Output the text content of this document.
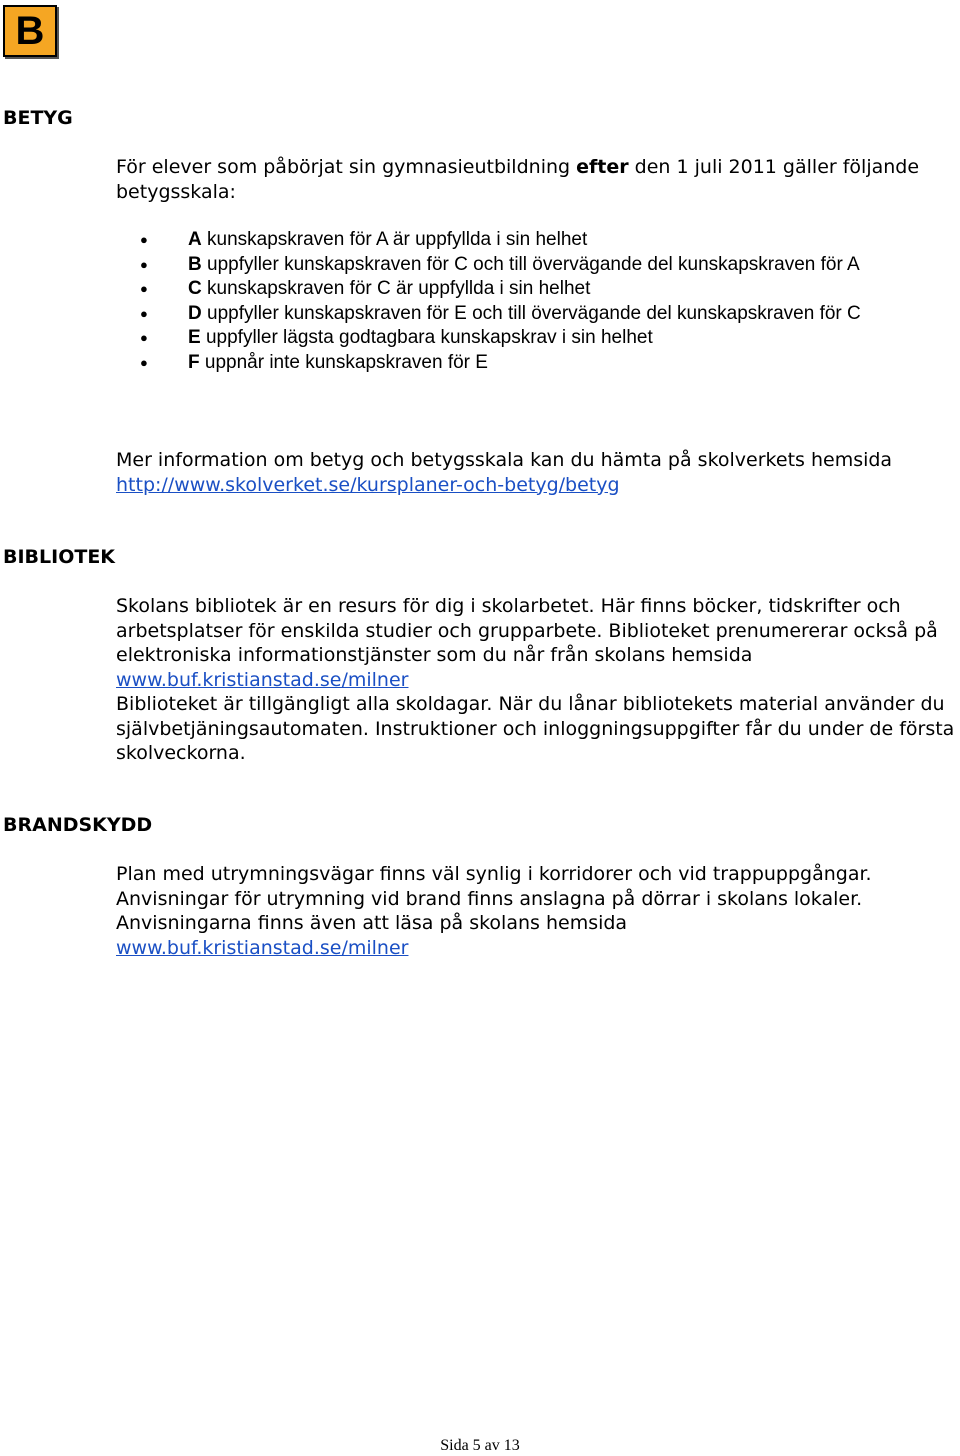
B
BETYG

För elever som påbörjat sin gymnasieutbildning efter den 1 juli 2011 gäller följande betygsskala:

● A kunskapskraven för A är uppfyllda i sin helhet
● B uppfyller kunskapskraven för C och till övervägande del kunskapskraven för A
● C kunskapskraven för C är uppfyllda i sin helhet
● D uppfyller kunskapskraven för E och till övervägande del kunskapskraven för C
● E uppfyller lägsta godtagbara kunskapskrav i sin helhet
● F uppnår inte kunskapskraven för E

Mer information om betyg och betygsskala kan du hämta på skolverkets hemsida

http://www.skolverket.se/kursplaner-och-betyg/betyg

BIBLIOTEK

Skolans bibliotek är en resurs för dig i skolarbetet. Här finns böcker, tidskrifter och arbetsplatser för enskilda studier och grupparbete. Biblioteket prenumererar också på elektroniska informationstjänster som du når från skolans hemsida

www.buf.kristianstad.se/milner

Biblioteket är tillgängligt alla skoldagar. När du lånar bibliotekets material använder du självbetjäningsautomaten. Instruktioner och inloggningsuppgifter får du under de första skolveckorna.

BRANDSKYDD

Plan med utrymningsvägar finns väl synlig i korridorer och vid trappuppgångar.

Anvisningar för utrymning vid brand finns anslagna på dörrar i skolans lokaler.

Anvisningarna finns även att läsa på skolans hemsida

www.buf.kristianstad.se/milner

Sida 5 av 13
